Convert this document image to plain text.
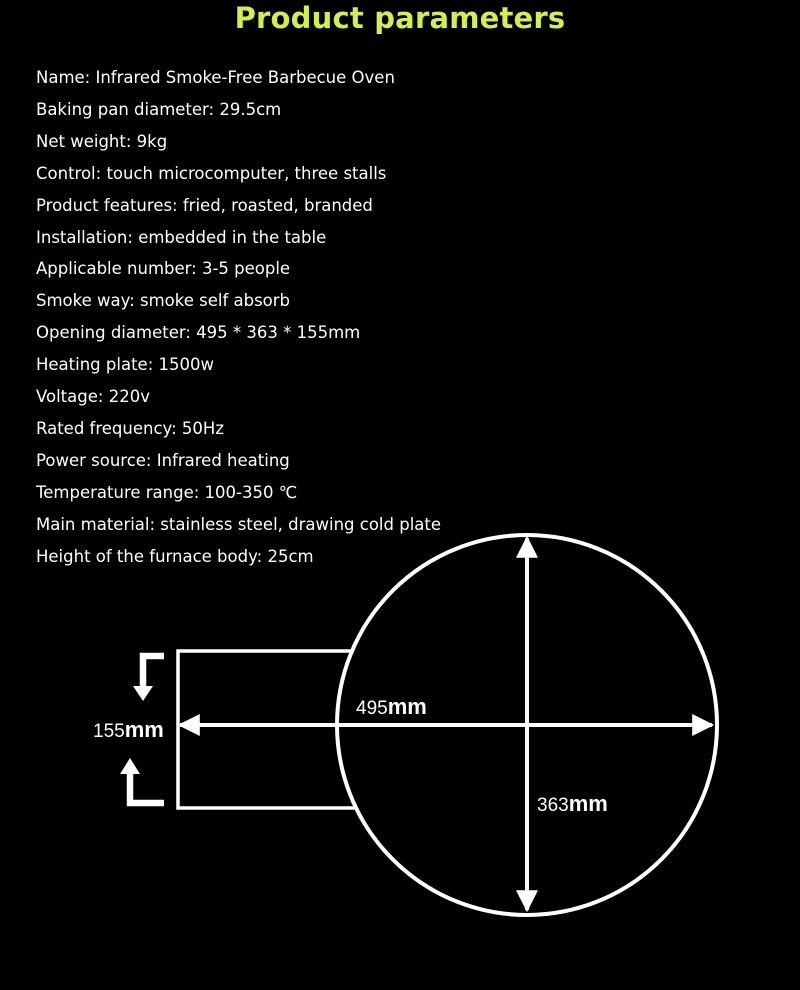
Product parameters
Name: Infrared Smoke-Free Barbecue Oven
Baking pan diameter: 29.5cm
Net weight: 9kg
Control: touch microcomputer, three stalls
Product features: fried, roasted, branded
Installation: embedded in the table
Applicable number: 3-5 people
Smoke way: smoke self absorb
Opening diameter: 495 * 363 * 155mm
Heating plate: 1500w
Voltage: 220v
Rated frequency: 50Hz
Power source: Infrared heating
Temperature range: 100-350 ℃
Main material: stainless steel, drawing cold plate
Height of the furnace body: 25cm
495mm
363mm
155mm
